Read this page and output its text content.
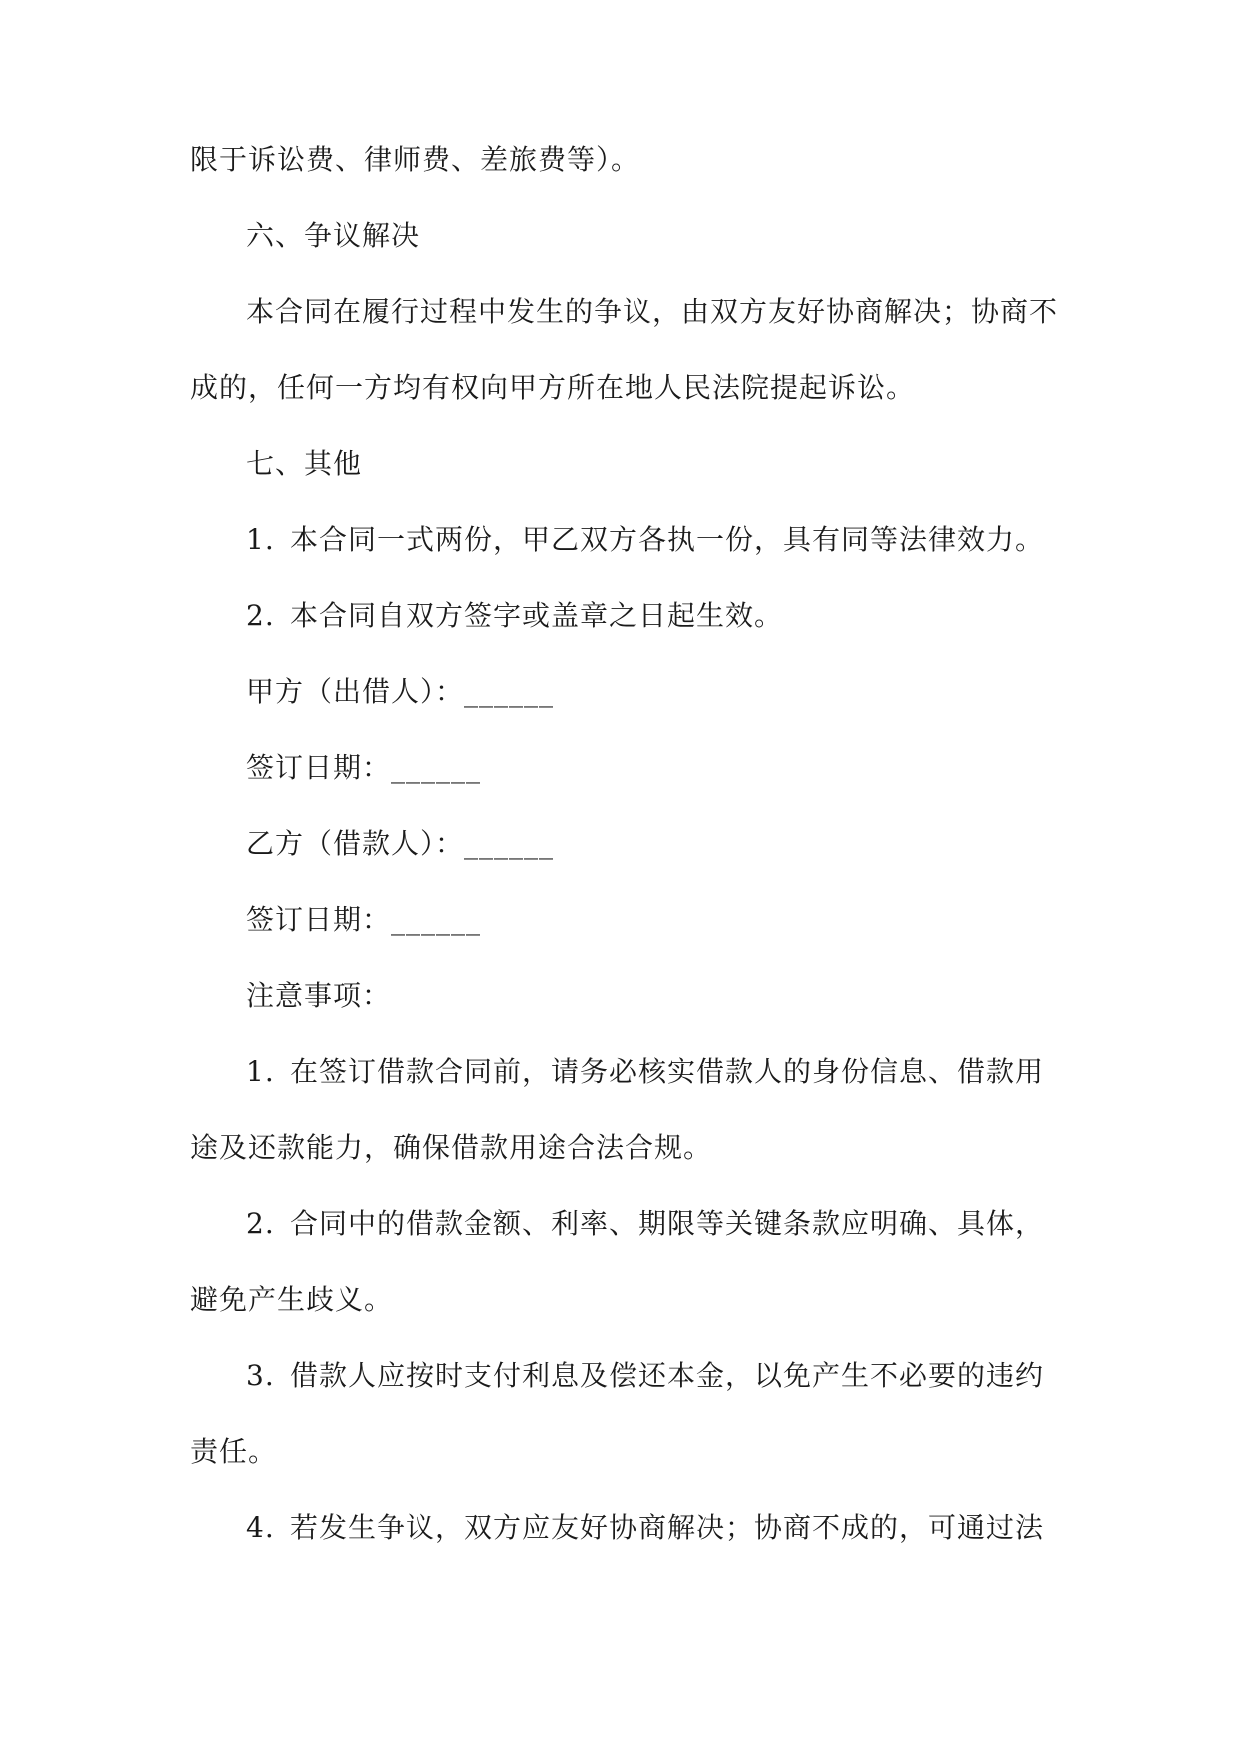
限于诉讼费、律师费、差旅费等）。
六、争议解决
本合同在履行过程中发生的争议，由双方友好协商解决；协商不
成的，任何一方均有权向甲方所在地人民法院提起诉讼。
七、其他
1. 本合同一式两份，甲乙双方各执一份，具有同等法律效力。
2. 本合同自双方签字或盖章之日起生效。
甲方（出借人）：______
签订日期：______
乙方（借款人）：______
签订日期：______
注意事项：
1. 在签订借款合同前，请务必核实借款人的身份信息、借款用
途及还款能力，确保借款用途合法合规。
2. 合同中的借款金额、利率、期限等关键条款应明确、具体，
避免产生歧义。
3. 借款人应按时支付利息及偿还本金，以免产生不必要的违约
责任。
4. 若发生争议，双方应友好协商解决；协商不成的，可通过法
